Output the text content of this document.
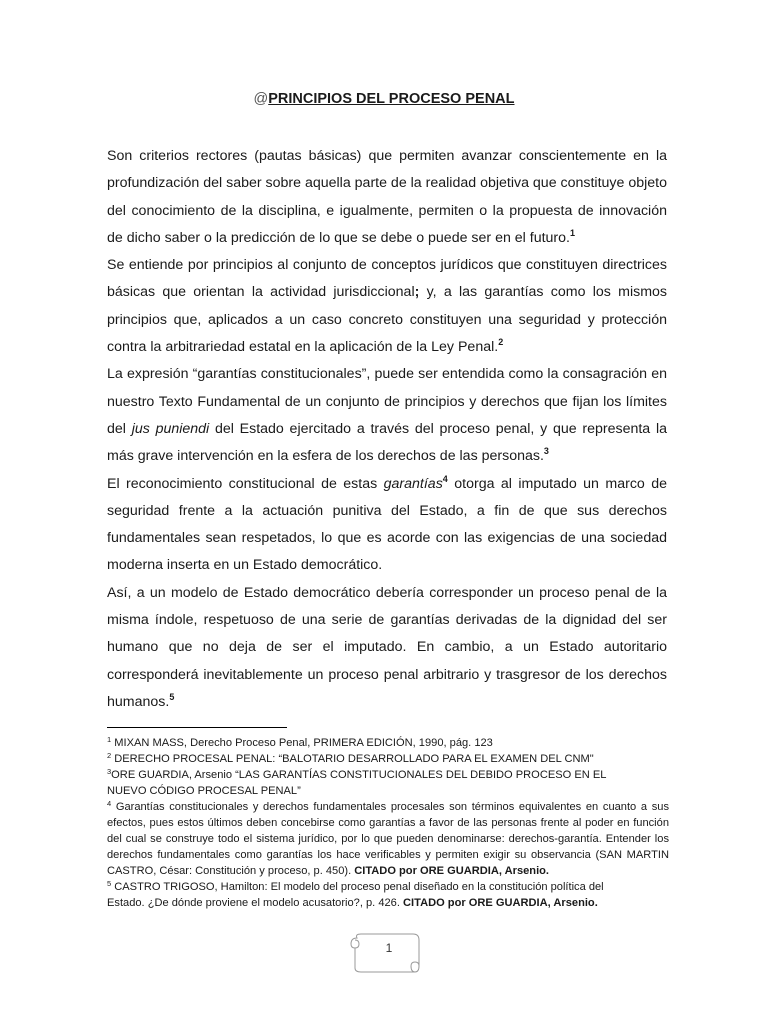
@PRINCIPIOS DEL PROCESO PENAL

Son criterios rectores (pautas básicas) que permiten avanzar conscientemente en la profundización del saber sobre aquella parte de la realidad objetiva que constituye objeto del conocimiento de la disciplina, e igualmente, permiten o la propuesta de innovación de dicho saber o la predicción de lo que se debe o puede ser en el futuro.$^1$

Se entiende por principios al conjunto de conceptos jurídicos que constituyen directrices básicas que orientan la actividad jurisdiccional; y, a las garantías como los mismos principios que, aplicados a un caso concreto constituyen una seguridad y protección contra la arbitrariedad estatal en la aplicación de la Ley Penal.$^2$

La expresión “garantías constitucionales”, puede ser entendida como la consagración en nuestro Texto Fundamental de un conjunto de principios y derechos que fijan los límites del jus puniendi del Estado ejercitado a través del proceso penal, y que representa la más grave intervención en la esfera de los derechos de las personas.$^3$

El reconocimiento constitucional de estas garantías$^4$ otorga al imputado un marco de seguridad frente a la actuación punitiva del Estado, a fin de que sus derechos fundamentales sean respetados, lo que es acorde con las exigencias de una sociedad moderna inserta en un Estado democrático.

Así, a un modelo de Estado democrático debería corresponder un proceso penal de la misma índole, respetuoso de una serie de garantías derivadas de la dignidad del ser humano que no deja de ser el imputado. En cambio, a un Estado autoritario corresponderá inevitablemente un proceso penal arbitrario y trasgresor de los derechos humanos.$^5$

$^1$ MIXAN MASS, Derecho Proceso Penal, PRIMERA EDICIÓN, 1990, pág. 123

$^2$ DERECHO PROCESAL PENAL: “BALOTARIO DESARROLLADO PARA EL EXAMEN DEL CNM"

$^3$ORE GUARDIA, Arsenio “LAS GARANTÍAS CONSTITUCIONALES DEL DEBIDO PROCESO EN EL
NUEVO CÓDIGO PROCESAL PENAL”

$^4$ Garantías constitucionales y derechos fundamentales procesales son términos equivalentes en cuanto a sus efectos, pues estos últimos deben concebirse como garantías a favor de las personas frente al poder en función del cual se construye todo el sistema jurídico, por lo que pueden denominarse: derechos-garantía. Entender los derechos fundamentales como garantías los hace verificables y permiten exigir su observancia (SAN MARTIN CASTRO, César: Constitución y proceso, p. 450). CITADO por ORE GUARDIA, Arsenio.

$^5$ CASTRO TRIGOSO, Hamilton: El modelo del proceso penal diseñado en la constitución política del
Estado. ¿De dónde proviene el modelo acusatorio?, p. 426. CITADO por ORE GUARDIA, Arsenio.

1
